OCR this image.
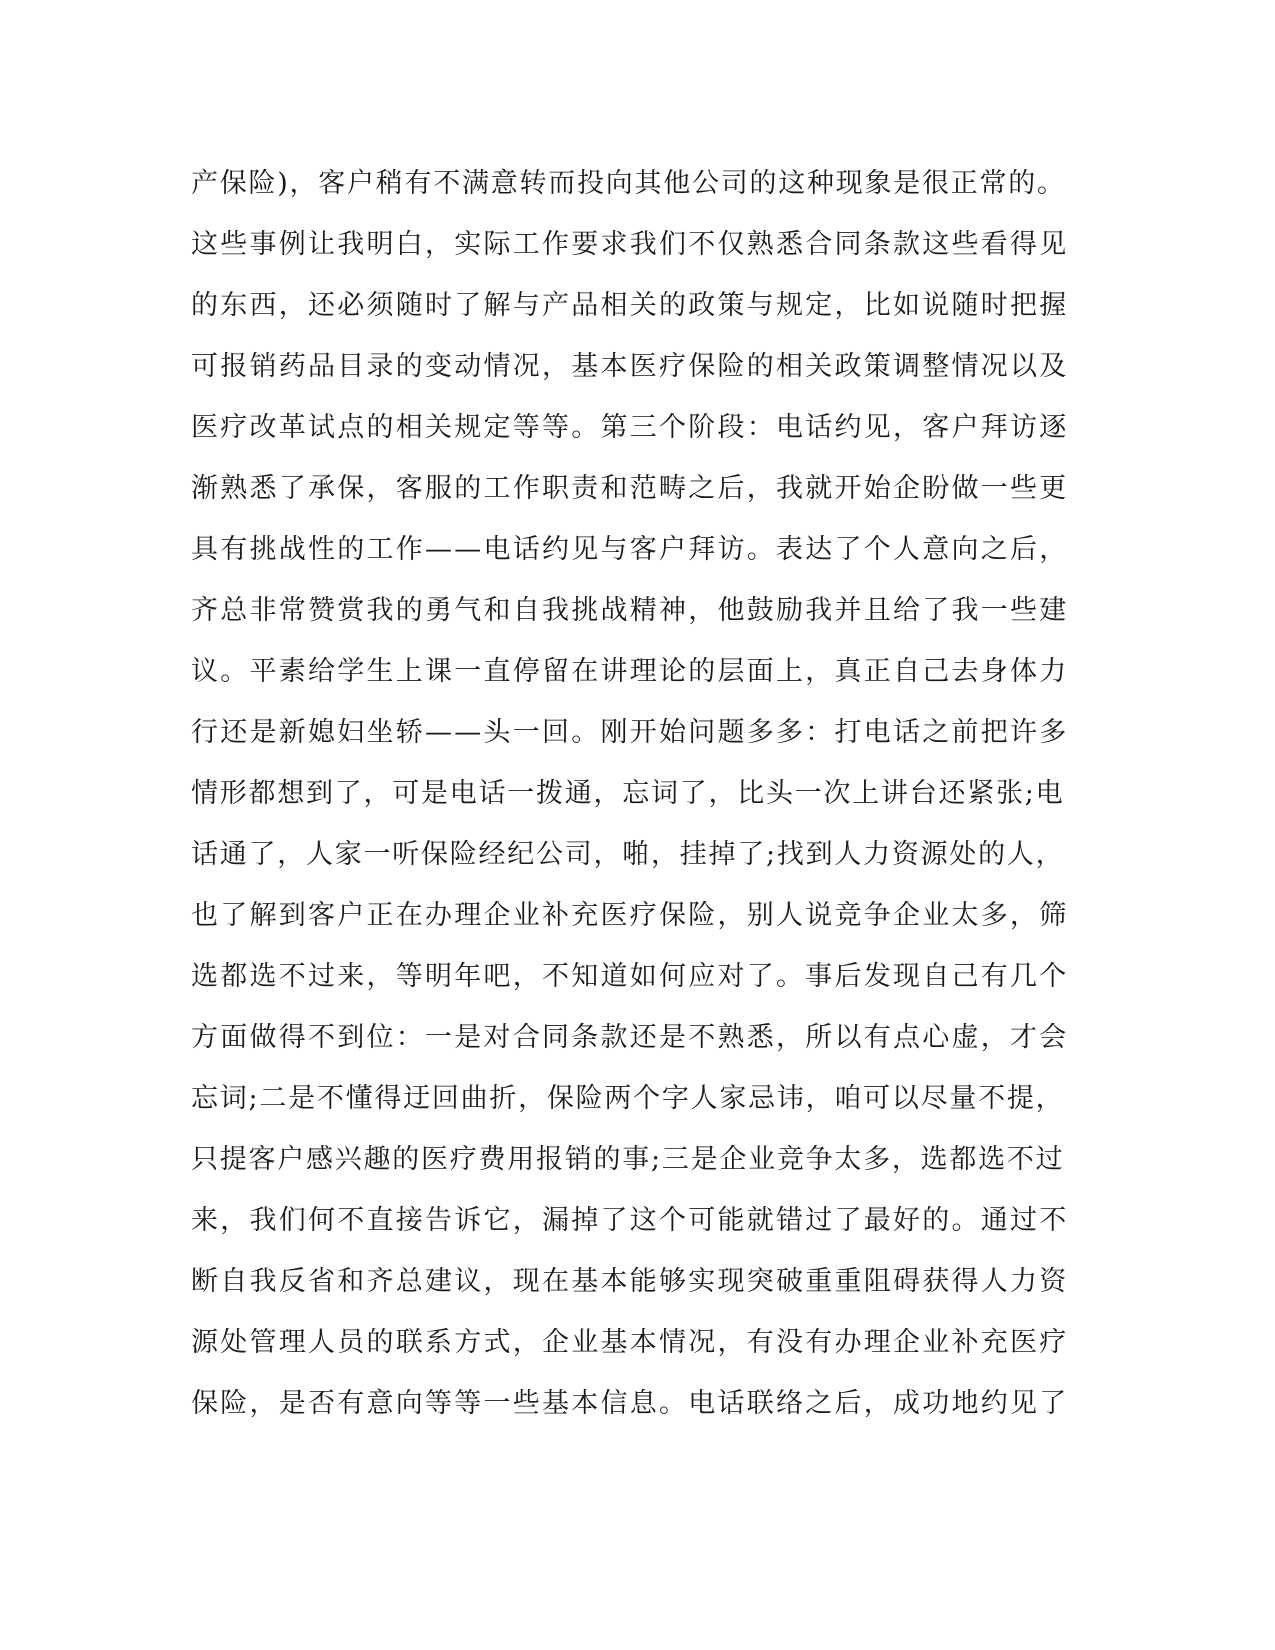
产保险)，客户稍有不满意转而投向其他公司的这种现象是很正常的。
这些事例让我明白，实际工作要求我们不仅熟悉合同条款这些看得见
的东西，还必须随时了解与产品相关的政策与规定，比如说随时把握
可报销药品目录的变动情况，基本医疗保险的相关政策调整情况以及
医疗改革试点的相关规定等等。第三个阶段：电话约见，客户拜访逐
渐熟悉了承保，客服的工作职责和范畴之后，我就开始企盼做一些更
具有挑战性的工作——电话约见与客户拜访。表达了个人意向之后，
齐总非常赞赏我的勇气和自我挑战精神，他鼓励我并且给了我一些建
议。平素给学生上课一直停留在讲理论的层面上，真正自己去身体力
行还是新媳妇坐轿——头一回。刚开始问题多多：打电话之前把许多
情形都想到了，可是电话一拨通，忘词了，比头一次上讲台还紧张;电
话通了，人家一听保险经纪公司，啪，挂掉了;找到人力资源处的人，
也了解到客户正在办理企业补充医疗保险，别人说竞争企业太多，筛
选都选不过来，等明年吧，不知道如何应对了。事后发现自己有几个
方面做得不到位：一是对合同条款还是不熟悉，所以有点心虚，才会
忘词;二是不懂得迂回曲折，保险两个字人家忌讳，咱可以尽量不提，
只提客户感兴趣的医疗费用报销的事;三是企业竞争太多，选都选不过
来，我们何不直接告诉它，漏掉了这个可能就错过了最好的。通过不
断自我反省和齐总建议，现在基本能够实现突破重重阻碍获得人力资
源处管理人员的联系方式，企业基本情况，有没有办理企业补充医疗
保险，是否有意向等等一些基本信息。电话联络之后，成功地约见了
